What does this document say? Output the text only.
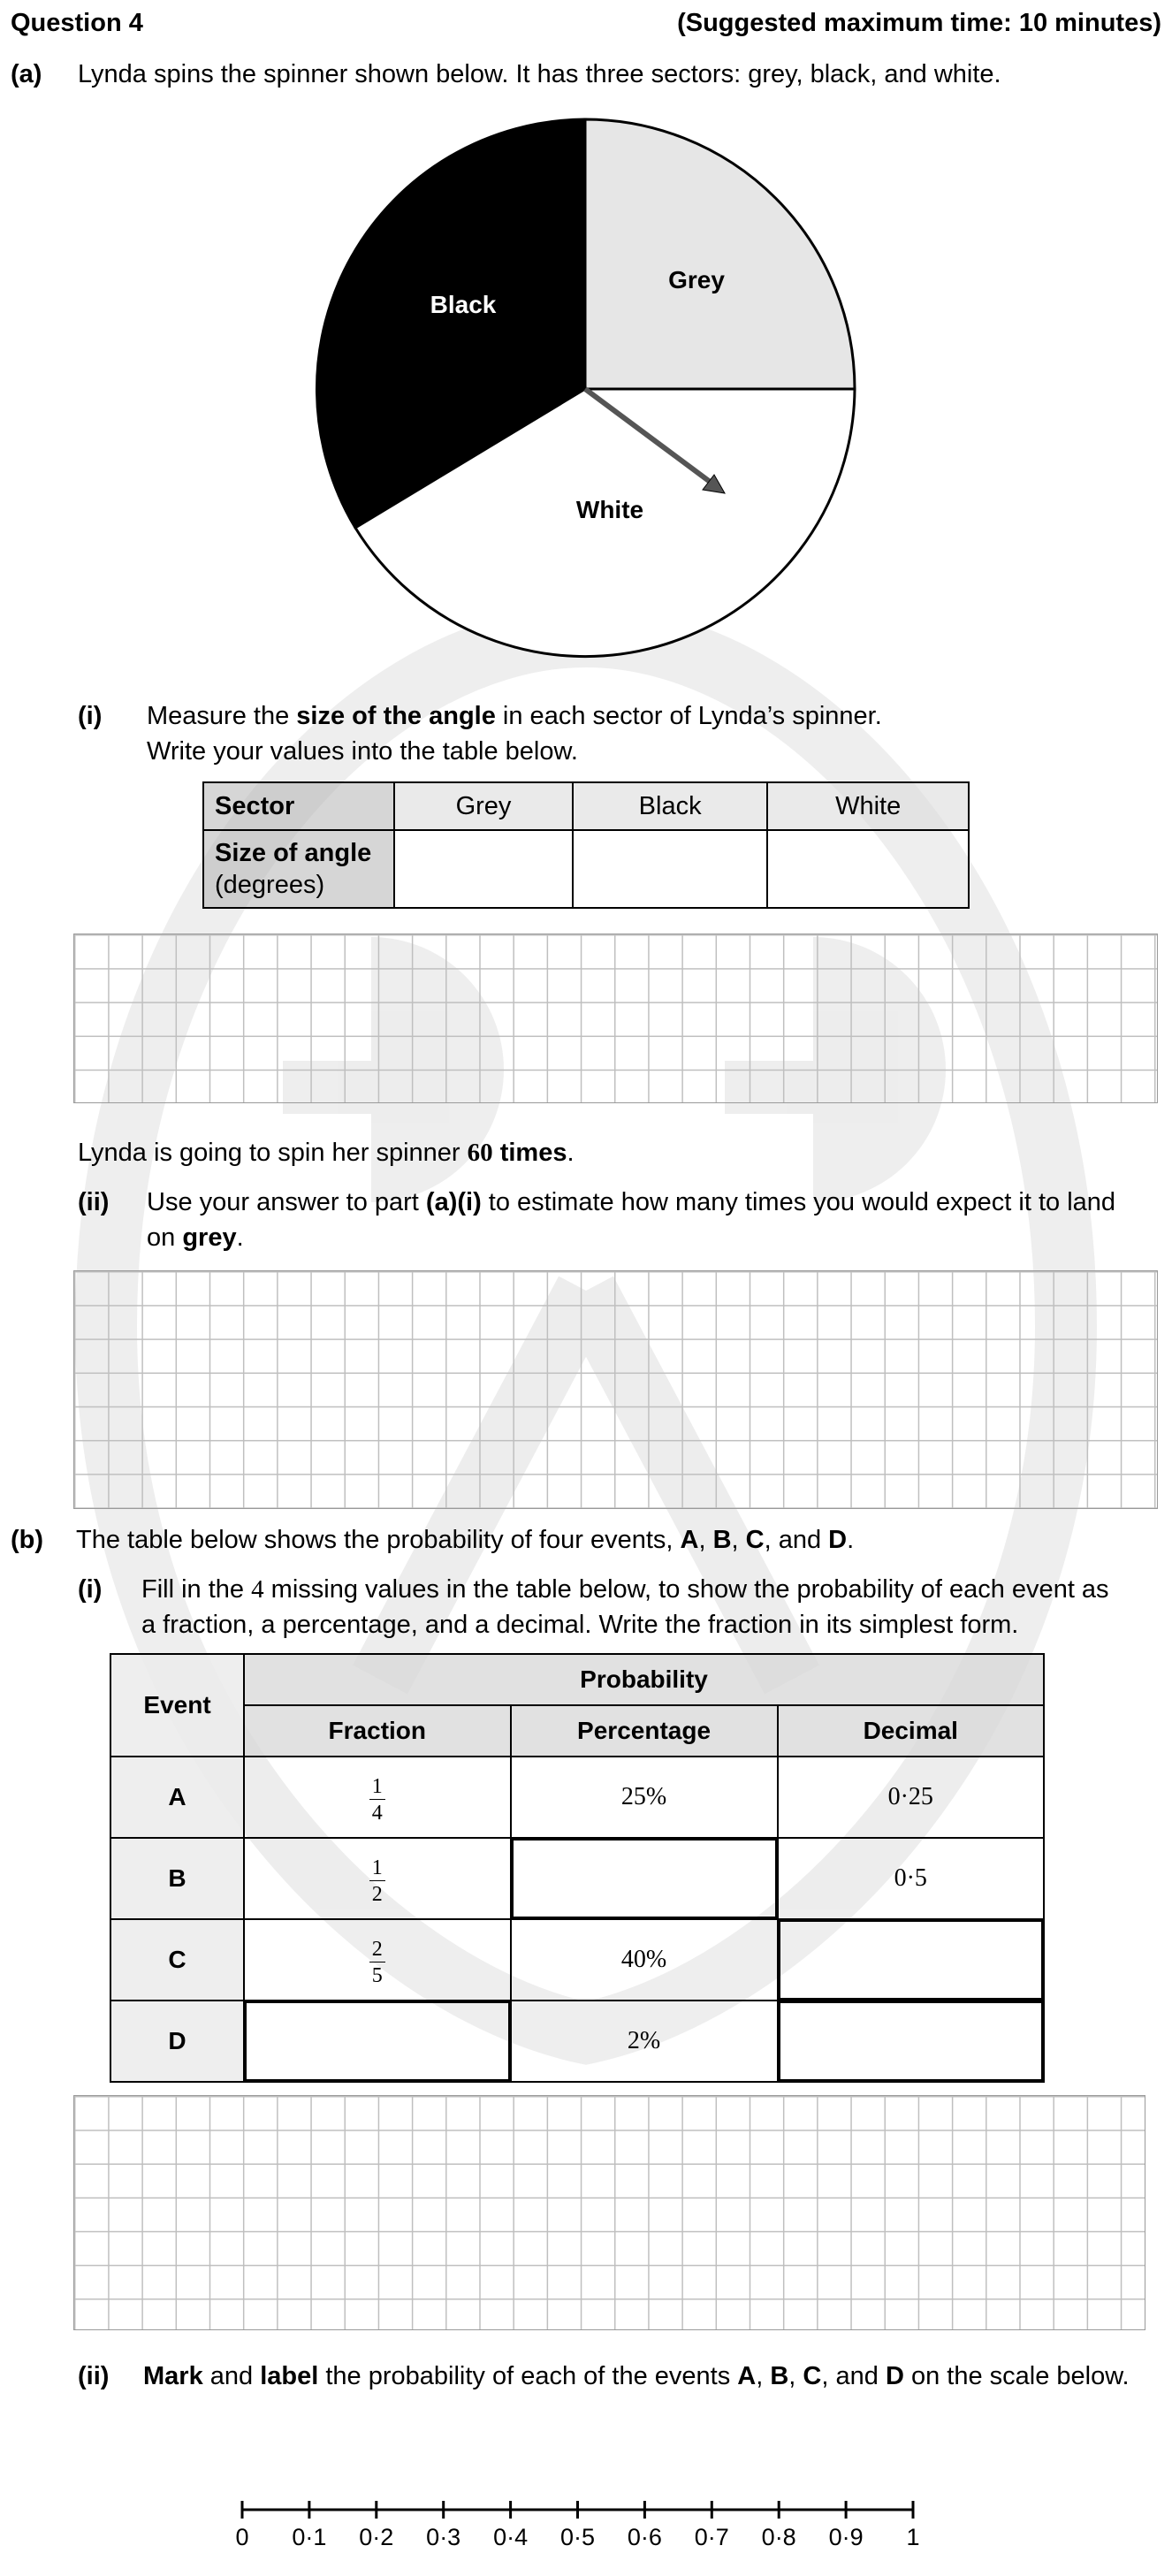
Question 4	(Suggested maximum time: 10 minutes)
(a) Lynda spins the spinner shown below. It has three sectors: grey, black, and white.
Grey
Black
White
(i) Measure the size of the angle in each sector of Lynda’s spinner.
Write your values into the table below.
Sector	Grey	Black	White

Size of angle
(degrees)			

Lynda is going to spin her spinner 60 times.
(ii) Use your answer to part (a)(i) to estimate how many times you would expect it to land
on grey.
(b) The table below shows the probability of four events, A, B, C, and D.
(i) Fill in the 4 missing values in the table below, to show the probability of each event as
a fraction, a percentage, and a decimal. Write the fraction in its simplest form.
Event	Probability		
	Fraction	Percentage	Decimal
A	$\frac{1}{4}$	25%	0·25
B	$\frac{1}{2}$		0·5
C	$\frac{2}{5}$	40%	
D		2%	
(ii) Mark and label the probability of each of the events A, B, C, and D on the scale below.
0 0·1 0·2 0·3 0·4 0·5 0·6 0·7 0·8 0·9 1
